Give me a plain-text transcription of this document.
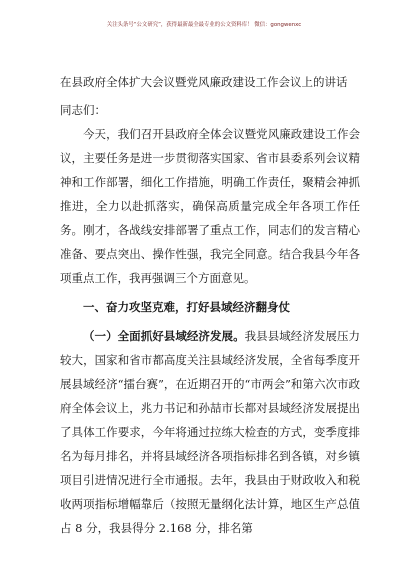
关注头条号“公文研究”，获得最新最全最专业的公文资料库！ 微信：gongwenxc

在县政府全体扩大会议暨党风廉政建设工作会议上的讲话

同志们：

今天，我们召开县政府全体会议暨党风廉政建设工作会议，主要任务是进一步贯彻落实国家、省市县委系列会议精神和工作部署，细化工作措施，明确工作责任，聚精会神抓推进，全力以赴抓落实，确保高质量完成全年各项工作任务。刚才，各战线安排部署了重点工作，同志们的发言精心准备、要点突出、操作性强，我完全同意。结合我县今年各项重点工作，我再强调三个方面意见。

一、奋力攻坚克难，打好县域经济翻身仗

（一）全面抓好县域经济发展。我县县域经济发展压力较大，国家和省市都高度关注县域经济发展，全省每季度开展县域经济“擂台赛”，在近期召开的“市两会”和第六次市政府全体会议上，兆力书记和孙喆市长都对县域经济发展提出了具体工作要求，今年将通过拉练大检查的方式，变季度排名为每月排名，并将县域经济各项指标排名到各镇，对乡镇项目引进情况进行全市通报。去年，我县由于财政收入和税收两项指标增幅靠后（按照无量纲化法计算，地区生产总值占 8 分，我县得分 2.168 分，排名第
